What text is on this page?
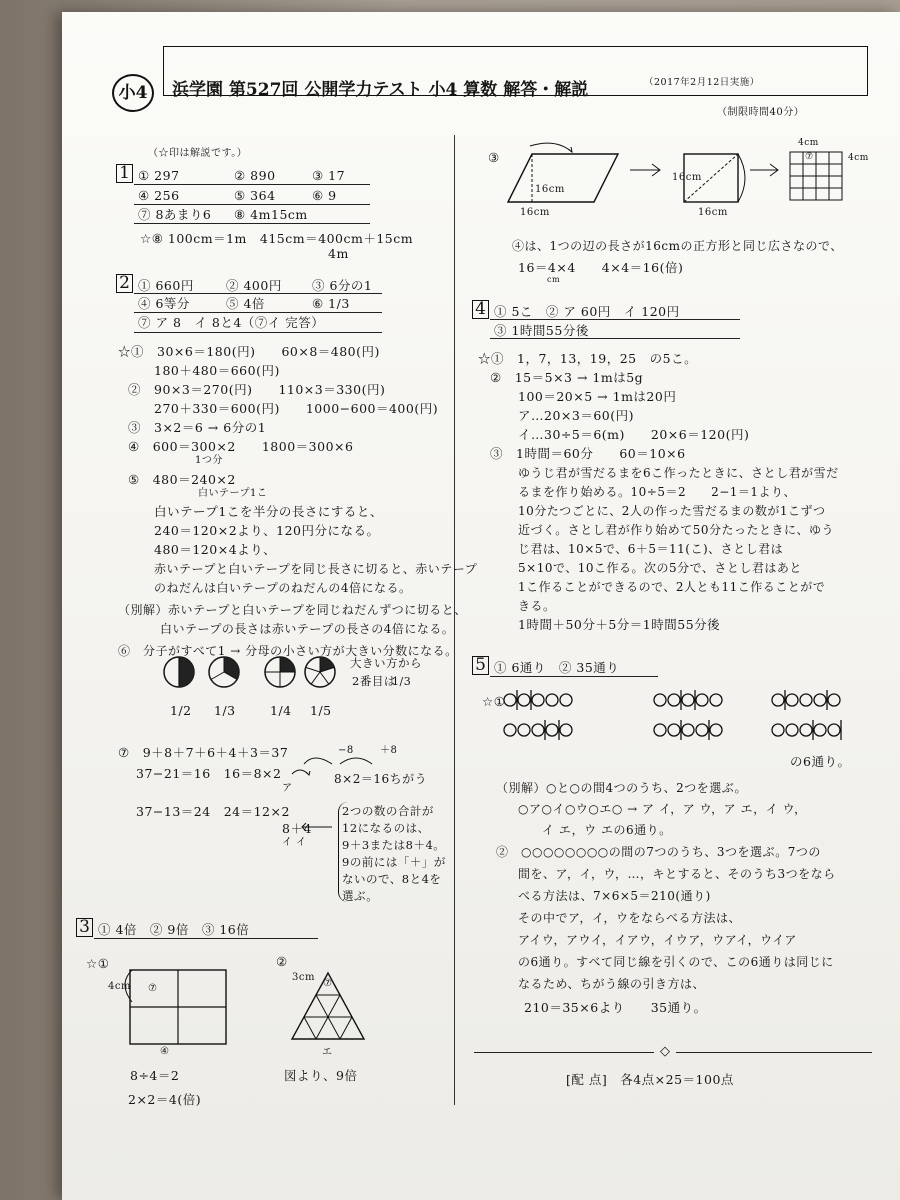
小4	浜学園 第527回 公開学力テスト 小4 算数 解答・解説	（2017年2月12日実施）
（制限時間40分）
（☆印は解説です。）
1 ① 297	② 890	③ 17
④ 256	⑤ 364	⑥ 9
⑦ 8あまり6 ⑧ 4m15cm
☆⑧ 100cm＝1m　415cm＝400cm＋15cm
4m
2 ① 660円	② 400円 ③ 6分の1
④ 6等分	⑤ 4倍	⑥ 1/3
⑦ ア 8　イ 8と4（⑦イ 完答）
☆①　30×6＝180(円)　　60×8＝480(円)
180＋480＝660(円)
②　90×3＝270(円)　　110×3＝330(円)
270＋330＝600(円)　　1000−600＝400(円)
③　3×2＝6 → 6分の1
④　600＝300×2　　1800＝300×6
1つ分
⑤　480＝240×2
白いテープ1こ
白いテープ1こを半分の長さにすると、
240＝120×2より、120円分になる。
480＝120×4より、
赤いテープと白いテープを同じ長さに切ると、赤いテープ
のねだんは白いテープのねだんの4倍になる。
（別解）赤いテープと白いテープを同じねだんずつに切ると、
白いテープの長さは赤いテープの長さの4倍になる。
⑥　分子がすべて1 → 分母の小さい方が大きい分数になる。
大きい方から
2番目は
1/3
1/2 1/3	1/4 1/5
⑦　9＋8＋7＋6＋4＋3＝37
37−21＝16　16＝8×2
ア
37−13＝24　24＝12×2
8＋4
イ イ
−8	＋8
8×2＝16ちがう
2つの数の合計が
12になるのは、
9＋3または8＋4。
9の前には「＋」が
ないので、8と4を
選ぶ。
3 ① 4倍　② 9倍　③ 16倍
☆①
4cm ⑦
④
8÷4＝2
2×2＝4(倍)
②
3cm
⑦
エ
図より、9倍
③
16cm
16cm
16cm
16cm
4cm
4cm
⑦
④は、1つの辺の長さが16cmの正方形と同じ広さなので、
16＝4×4　　4×4＝16(倍)
cm
4 ① 5こ　② ア 60円　イ 120円
③ 1時間55分後
☆①　1，7，13，19，25　の5こ。
②　15＝5×3 → 1mは5g
100＝20×5 → 1mは20円
ア…20×3＝60(円)
イ…30÷5＝6(m)　　20×6＝120(円)
③　1時間＝60分　　60＝10×6
ゆうじ君が雪だるまを6こ作ったときに、さとし君が雪だ
るまを作り始める。10÷5＝2　　2−1＝1より、
10分たつごとに、2人の作った雪だるまの数が1こずつ
近づく。さとし君が作り始めて50分たったときに、ゆう
じ君は、10×5で、6＋5＝11(こ)、さとし君は
5×10で、10こ作る。次の5分で、さとし君はあと
1こ作ることができるので、2人とも11こ作ることがで
きる。
1時間＋50分＋5分＝1時間55分後
5 ① 6通り　② 35通り
☆①
の6通り。
（別解）○と○の間4つのうち、2つを選ぶ。
○ア○イ○ウ○エ○ → ア イ，ア ウ，ア エ，イ ウ，
イ エ，ウ エの6通り。
②　○○○○○○○○の間の7つのうち、3つを選ぶ。7つの
間を、ア，イ，ウ，…，キとすると、そのうち3つをなら
べる方法は、7×6×5＝210(通り)
その中でア，イ，ウをならべる方法は、
アイウ，アウイ，イアウ，イウア，ウアイ，ウイア
の6通り。すべて同じ線を引くので、この6通りは同じに
なるため、ちがう線の引き方は、
210＝35×6より　　35通り。
◇
[配 点]　各4点×25＝100点
